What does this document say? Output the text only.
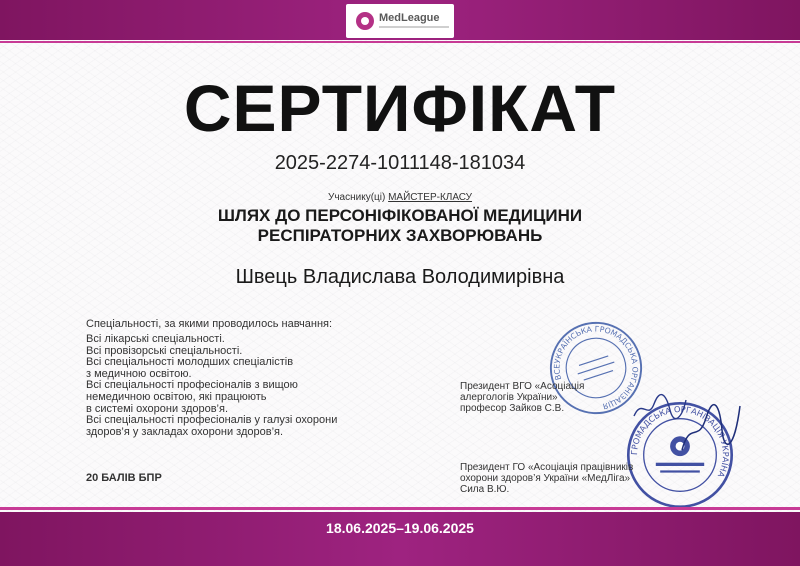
MedLeague
СЕРТИФІКАТ
2025-2274-1011148-181034
Учаснику(ці) МАЙСТЕР-КЛАСУ
ШЛЯХ ДО ПЕРСОНІФІКОВАНОЇ МЕДИЦИНИ
РЕСПІРАТОРНИХ ЗАХВОРЮВАНЬ
Швець Владислава Володимирівна
Спеціальності, за якими проводилось навчання:
Всі лікарські спеціальності.
Всі провізорські спеціальності.
Всі спеціальності молодших спеціалістів
з медичною освітою.
Всі спеціальності професіоналів з вищою
немедичною освітою, які працюють
в системі охорони здоров’я.
Всі спеціальності професіоналів у галузі охорони
здоров’я у закладах охорони здоров’я.
20 БАЛІВ БПР
ВСЕУКРАЇНСЬКА ГРОМАДСЬКА ОРГАНІЗАЦІЯ
ГРОМАДСЬКА ОРГАНІЗАЦІЯ УКРАЇНА
Президент ВГО «Асоціація
алергологів України»
професор Зайков С.В.
Президент ГО «Асоціація працівників
охорони здоров’я України «МедЛіга»
Сила В.Ю.
18.06.2025–19.06.2025
